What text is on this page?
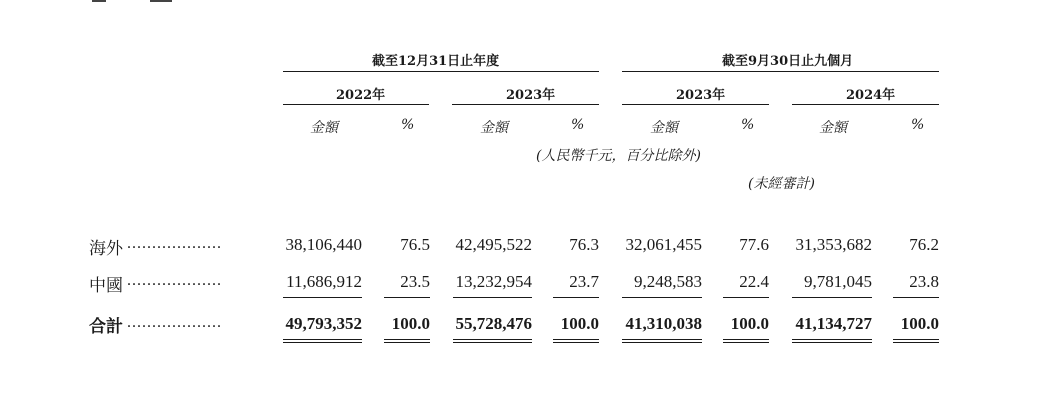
截至12月31日止年度	截至9月30日止九個月
2022年	2023年	2023年	2024年
金額	%	金額	%	金額	%	金額	%
(人民幣千元，百分比除外)
(未經審計)
海外 ...................	38,106,440 76.5 42,495,522 76.3 32,061,455 77.6 31,353,682 76.2
中國 ...................	11,686,912 23.5 13,232,954 23.7 9,248,583 22.4 9,781,045 23.8
合計 ...................	49,793,352 100.0 55,728,476 100.0 41,310,038 100.0 41,134,727 100.0
